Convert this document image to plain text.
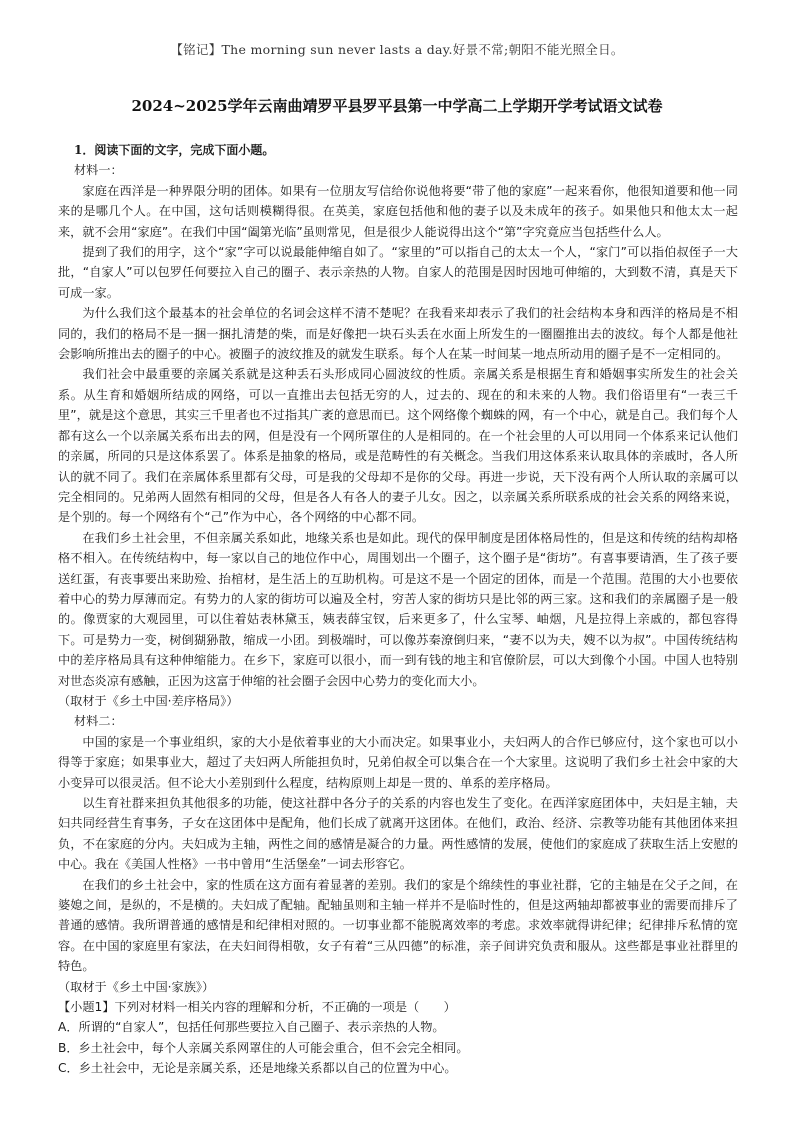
【铭记】The morning sun never lasts a day.好景不常;朝阳不能光照全日。
2024~2025学年云南曲靖罗平县罗平县第一中学高二上学期开学考试语文试卷

1．阅读下面的文字，完成下面小题。

材料一：

家庭在西洋是一种界限分明的团体。如果有一位朋友写信给你说他将要“带了他的家庭”一起来看你，他很知道要和他一同来的是哪几个人。在中国，这句话则模糊得很。在英美，家庭包括他和他的妻子以及未成年的孩子。如果他只和他太太一起来，就不会用“家庭”。在我们中国“阖第光临”虽则常见，但是很少人能说得出这个“第”字究竟应当包括些什么人。

提到了我们的用字，这个“家”字可以说最能伸缩自如了。“家里的”可以指自己的太太一个人，“家门”可以指伯叔侄子一大批，“自家人”可以包罗任何要拉入自己的圈子、表示亲热的人物。自家人的范围是因时因地可伸缩的，大到数不清，真是天下可成一家。

为什么我们这个最基本的社会单位的名词会这样不清不楚呢？在我看来却表示了我们的社会结构本身和西洋的格局是不相同的，我们的格局不是一捆一捆扎清楚的柴，而是好像把一块石头丢在水面上所发生的一圈圈推出去的波纹。每个人都是他社会影响所推出去的圈子的中心。被圈子的波纹推及的就发生联系。每个人在某一时间某一地点所动用的圈子是不一定相同的。

我们社会中最重要的亲属关系就是这种丢石头形成同心圆波纹的性质。亲属关系是根据生育和婚姻事实所发生的社会关系。从生育和婚姻所结成的网络，可以一直推出去包括无穷的人，过去的、现在的和未来的人物。我们俗语里有“一表三千里”，就是这个意思，其实三千里者也不过指其广袤的意思而已。这个网络像个蜘蛛的网，有一个中心，就是自己。我们每个人都有这么一个以亲属关系布出去的网，但是没有一个网所罩住的人是相同的。在一个社会里的人可以用同一个体系来记认他们的亲属，所同的只是这体系罢了。体系是抽象的格局，或是范畴性的有关概念。当我们用这体系来认取具体的亲戚时，各人所认的就不同了。我们在亲属体系里都有父母，可是我的父母却不是你的父母。再进一步说，天下没有两个人所认取的亲属可以完全相同的。兄弟两人固然有相同的父母，但是各人有各人的妻子儿女。因之，以亲属关系所联系成的社会关系的网络来说，是个别的。每一个网络有个“己”作为中心，各个网络的中心都不同。

在我们乡土社会里，不但亲属关系如此，地缘关系也是如此。现代的保甲制度是团体格局性的，但是这和传统的结构却格格不相入。在传统结构中，每一家以自己的地位作中心，周围划出一个圈子，这个圈子是“街坊”。有喜事要请酒，生了孩子要送红蛋，有丧事要出来助殓、抬棺材，是生活上的互助机构。可是这不是一个固定的团体，而是一个范围。范围的大小也要依着中心的势力厚薄而定。有势力的人家的街坊可以遍及全村，穷苦人家的街坊只是比邻的两三家。这和我们的亲属圈子是一般的。像贾家的大观园里，可以住着姑表林黛玉，姨表薛宝钗，后来更多了，什么宝琴、岫烟，凡是拉得上亲戚的，都包容得下。可是势力一变，树倒猢狲散，缩成一小团。到极端时，可以像苏秦潦倒归来，“妻不以为夫，嫂不以为叔”。中国传统结构中的差序格局具有这种伸缩能力。在乡下，家庭可以很小，而一到有钱的地主和官僚阶层，可以大到像个小国。中国人也特别对世态炎凉有感触，正因为这富于伸缩的社会圈子会因中心势力的变化而大小。

（取材于《乡土中国·差序格局》）

材料二：

中国的家是一个事业组织，家的大小是依着事业的大小而决定。如果事业小，夫妇两人的合作已够应付，这个家也可以小得等于家庭；如果事业大，超过了夫妇两人所能担负时，兄弟伯叔全可以集合在一个大家里。这说明了我们乡土社会中家的大小变异可以很灵活。但不论大小差别到什么程度，结构原则上却是一贯的、单系的差序格局。

以生育社群来担负其他很多的功能，使这社群中各分子的关系的内容也发生了变化。在西洋家庭团体中，夫妇是主轴，夫妇共同经营生育事务，子女在这团体中是配角，他们长成了就离开这团体。在他们，政治、经济、宗教等功能有其他团体来担负，不在家庭的分内。夫妇成为主轴，两性之间的感情是凝合的力量。两性感情的发展，使他们的家庭成了获取生活上安慰的中心。我在《美国人性格》一书中曾用“生活堡垒”一词去形容它。

在我们的乡土社会中，家的性质在这方面有着显著的差别。我们的家是个绵续性的事业社群，它的主轴是在父子之间，在婆媳之间，是纵的，不是横的。夫妇成了配轴。配轴虽则和主轴一样并不是临时性的，但是这两轴却都被事业的需要而排斥了普通的感情。我所谓普通的感情是和纪律相对照的。一切事业都不能脱离效率的考虑。求效率就得讲纪律；纪律排斥私情的宽容。在中国的家庭里有家法，在夫妇间得相敬，女子有着“三从四德”的标准，亲子间讲究负责和服从。这些都是事业社群里的特色。

（取材于《乡土中国·家族》）

【小题1】下列对材料一相关内容的理解和分析，不正确的一项是（　　）

A．所谓的“自家人”，包括任何那些要拉入自己圈子、表示亲热的人物。

B．乡土社会中，每个人亲属关系网罩住的人可能会重合，但不会完全相同。

C．乡土社会中，无论是亲属关系，还是地缘关系都以自己的位置为中心。
